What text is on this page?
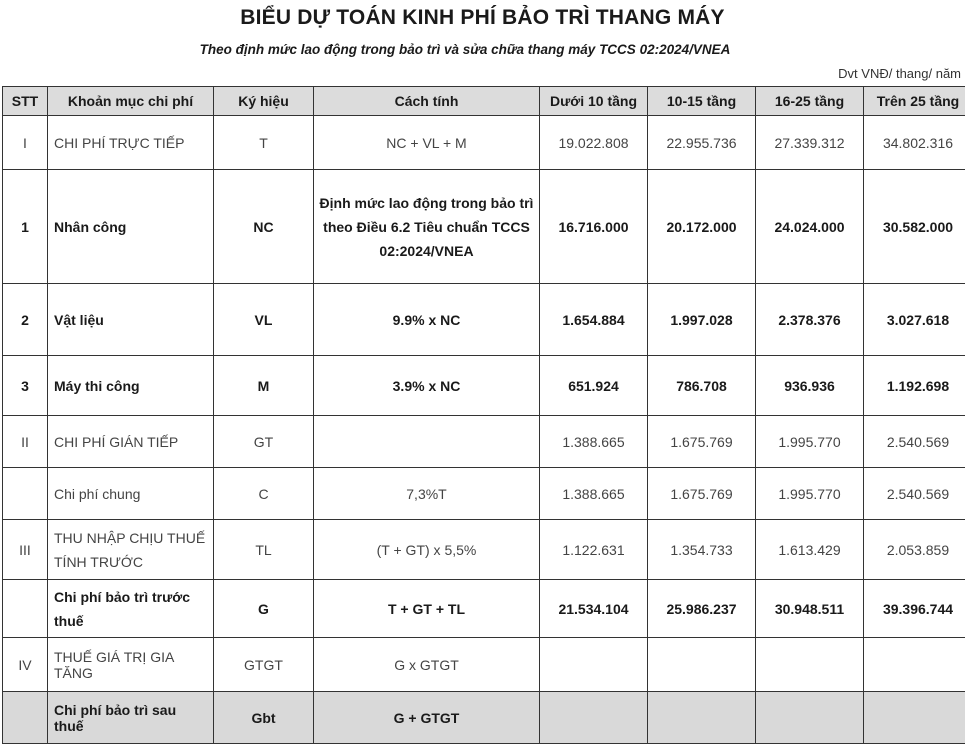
BIỂU DỰ TOÁN KINH PHÍ BẢO TRÌ THANG MÁY
Theo định mức lao động trong bảo trì và sửa chữa thang máy TCCS 02:2024/VNEA
Dvt VNĐ/ thang/ năm
STT	Khoản mục chi phí	Ký hiệu	Cách tính	Dưới 10 tầng	10-15 tầng	16-25 tầng	Trên 25 tầng
I	CHI PHÍ TRỰC TIẾP	T	NC + VL + M	19.022.808	22.955.736	27.339.312	34.802.316
1	Nhân công	NC	Định mức lao động trong bảo trì theo Điều 6.2 Tiêu chuẩn TCCS 02:2024/VNEA	16.716.000	20.172.000	24.024.000	30.582.000
2	Vật liệu	VL	9.9% x NC	1.654.884	1.997.028	2.378.376	3.027.618
3	Máy thi công	M	3.9% x NC	651.924	786.708	936.936	1.192.698
II	CHI PHÍ GIÁN TIẾP	GT		1.388.665	1.675.769	1.995.770	2.540.569
	Chi phí chung	C	7,3%T	1.388.665	1.675.769	1.995.770	2.540.569
III	THU NHẬP CHỊU THUẾ TÍNH TRƯỚC	TL	(T + GT) x 5,5%	1.122.631	1.354.733	1.613.429	2.053.859
	Chi phí bảo trì trước thuế	G	T + GT + TL	21.534.104	25.986.237	30.948.511	39.396.744
IV	THUẾ GIÁ TRỊ GIA TĂNG	GTGT	G x GTGT				
	Chi phí bảo trì sau thuế	Gbt	G + GTGT				
